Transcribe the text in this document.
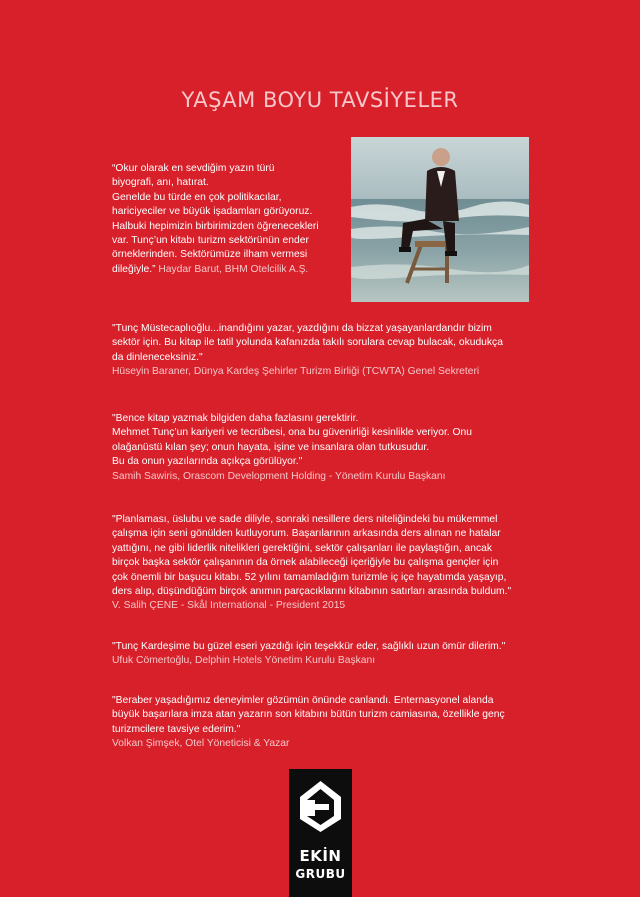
YAŞAM BOYU TAVSİYELER

“Okur olarak en sevdiğim yazın türü
biyografi, anı, hatırat.
Genelde bu türde en çok politikacılar,
hariciyeciler ve büyük işadamları görüyoruz.
Halbuki hepimizin birbirimizden öğrenecekleri
var. Tunç’un kitabı turizm sektörünün ender
örneklerinden. Sektörümüze ilham vermesi
dileğiyle.” Haydar Barut, BHM Otelcilik A.Ş.

"Tunç Müstecaplıoğlu...inandığını yazar, yazdığını da bizzat yaşayanlardandır bizim
sektör için. Bu kitap ile tatil yolunda kafanızda takılı sorulara cevap bulacak, okudukça
da dinleneceksiniz."

Hüseyin Baraner, Dünya Kardeş Şehirler Turizm Birliği (TCWTA) Genel Sekreteri

"Bence kitap yazmak bilgiden daha fazlasını gerektirir.
Mehmet Tunç’un kariyeri ve tecrübesi, ona bu güvenirliği kesinlikle veriyor. Onu
olağanüstü kılan şey; onun hayata, işine ve insanlara olan tutkusudur.
Bu da onun yazılarında açıkça görülüyor."

Samih Sawiris, Orascom Development Holding - Yönetim Kurulu Başkanı

"Planlaması, üslubu ve sade diliyle, sonraki nesillere ders niteliğindeki bu mükemmel
çalışma için seni gönülden kutluyorum. Başarılarının arkasında ders alınan ne hatalar
yattığını, ne gibi liderlik nitelikleri gerektiğini, sektör çalışanları ile paylaştığın, ancak
birçok başka sektör çalışanının da örnek alabileceği içeriğiyle bu çalışma gençler için
çok önemli bir başucu kitabı. 52 yılını tamamladığım turizmle iç içe hayatımda yaşayıp,
ders alıp, düşündüğüm birçok anımın parçacıklarını kitabının satırları arasında buldum."

V. Salih ÇENE - Skål International - President 2015

"Tunç Kardeşime bu güzel eseri yazdığı için teşekkür eder, sağlıklı uzun ömür dilerim."

Ufuk Cömertoğlu, Delphin Hotels Yönetim Kurulu Başkanı

"Beraber yaşadığımız deneyimler gözümün önünde canlandı. Enternasyonel alanda
büyük başarılara imza atan yazarın son kitabını bütün turizm camiasına, özellikle genç
turizmcilere tavsiye ederim."

Volkan Şimşek, Otel Yöneticisi & Yazar
EKİN
GRUBU
